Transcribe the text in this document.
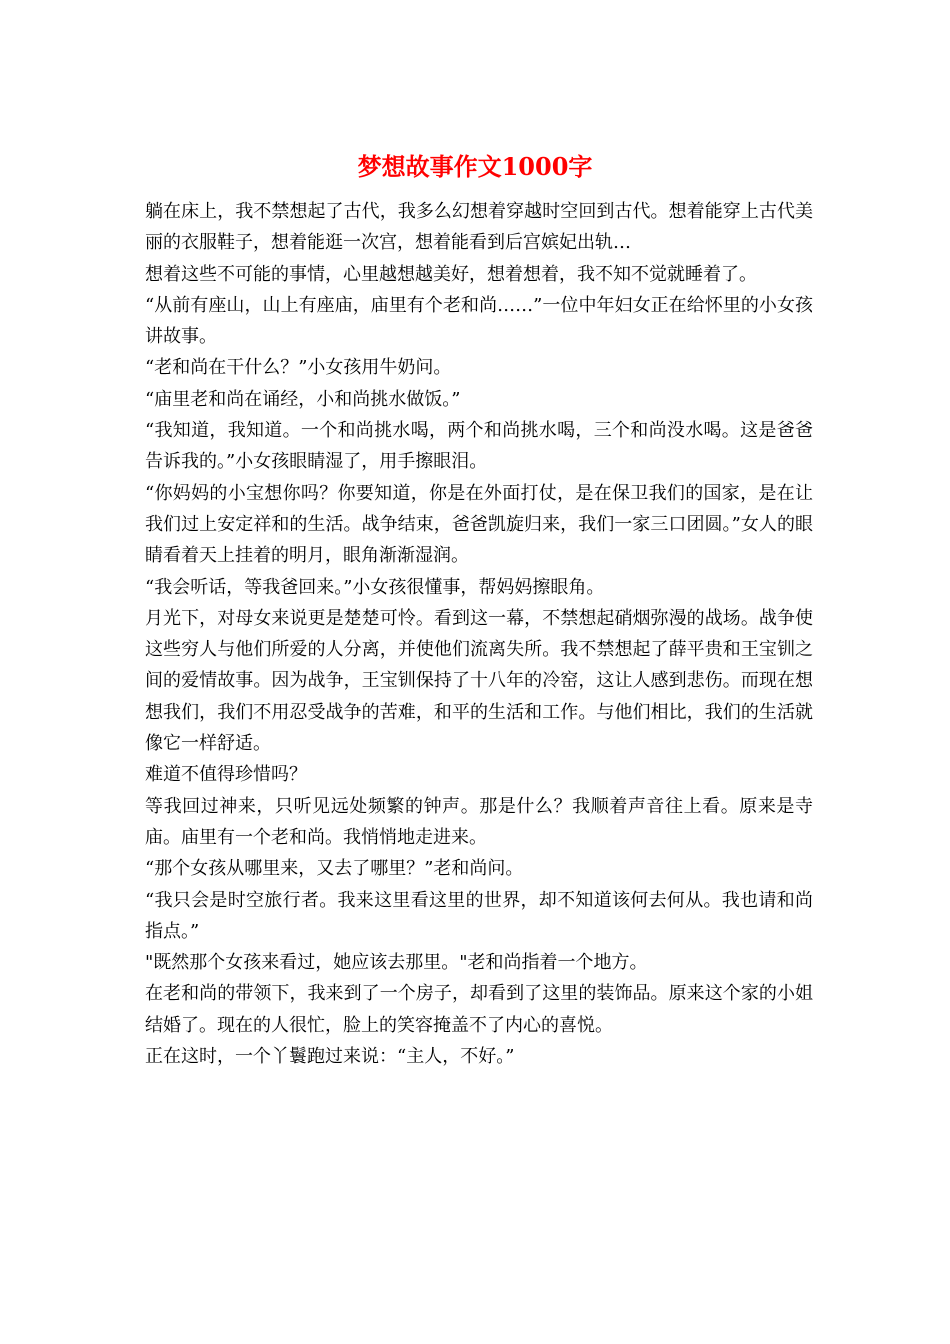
梦想故事作文1000字

躺在床上，我不禁想起了古代，我多么幻想着穿越时空回到古代。想着能穿上古代美丽的衣服鞋子，想着能逛一次宫，想着能看到后宫嫔妃出轨…

想着这些不可能的事情，心里越想越美好，想着想着，我不知不觉就睡着了。

“从前有座山，山上有座庙，庙里有个老和尚……”一位中年妇女正在给怀里的小女孩讲故事。

“老和尚在干什么？”小女孩用牛奶问。

“庙里老和尚在诵经，小和尚挑水做饭。”

“我知道，我知道。一个和尚挑水喝，两个和尚挑水喝，三个和尚没水喝。这是爸爸告诉我的。”小女孩眼睛湿了，用手擦眼泪。

“你妈妈的小宝想你吗？你要知道，你是在外面打仗，是在保卫我们的国家，是在让我们过上安定祥和的生活。战争结束，爸爸凯旋归来，我们一家三口团圆。”女人的眼睛看着天上挂着的明月，眼角渐渐湿润。

“我会听话，等我爸回来。”小女孩很懂事，帮妈妈擦眼角。

月光下，对母女来说更是楚楚可怜。看到这一幕，不禁想起硝烟弥漫的战场。战争使这些穷人与他们所爱的人分离，并使他们流离失所。我不禁想起了薛平贵和王宝钏之间的爱情故事。因为战争，王宝钏保持了十八年的冷窑，这让人感到悲伤。而现在想想我们，我们不用忍受战争的苦难，和平的生活和工作。与他们相比，我们的生活就像它一样舒适。

难道不值得珍惜吗？

等我回过神来，只听见远处频繁的钟声。那是什么？我顺着声音往上看。原来是寺庙。庙里有一个老和尚。我悄悄地走进来。

“那个女孩从哪里来，又去了哪里？”老和尚问。

“我只会是时空旅行者。我来这里看这里的世界，却不知道该何去何从。我也请和尚指点。”

"既然那个女孩来看过，她应该去那里。"老和尚指着一个地方。

在老和尚的带领下，我来到了一个房子，却看到了这里的装饰品。原来这个家的小姐结婚了。现在的人很忙，脸上的笑容掩盖不了内心的喜悦。

正在这时，一个丫鬟跑过来说：“主人，不好。”
